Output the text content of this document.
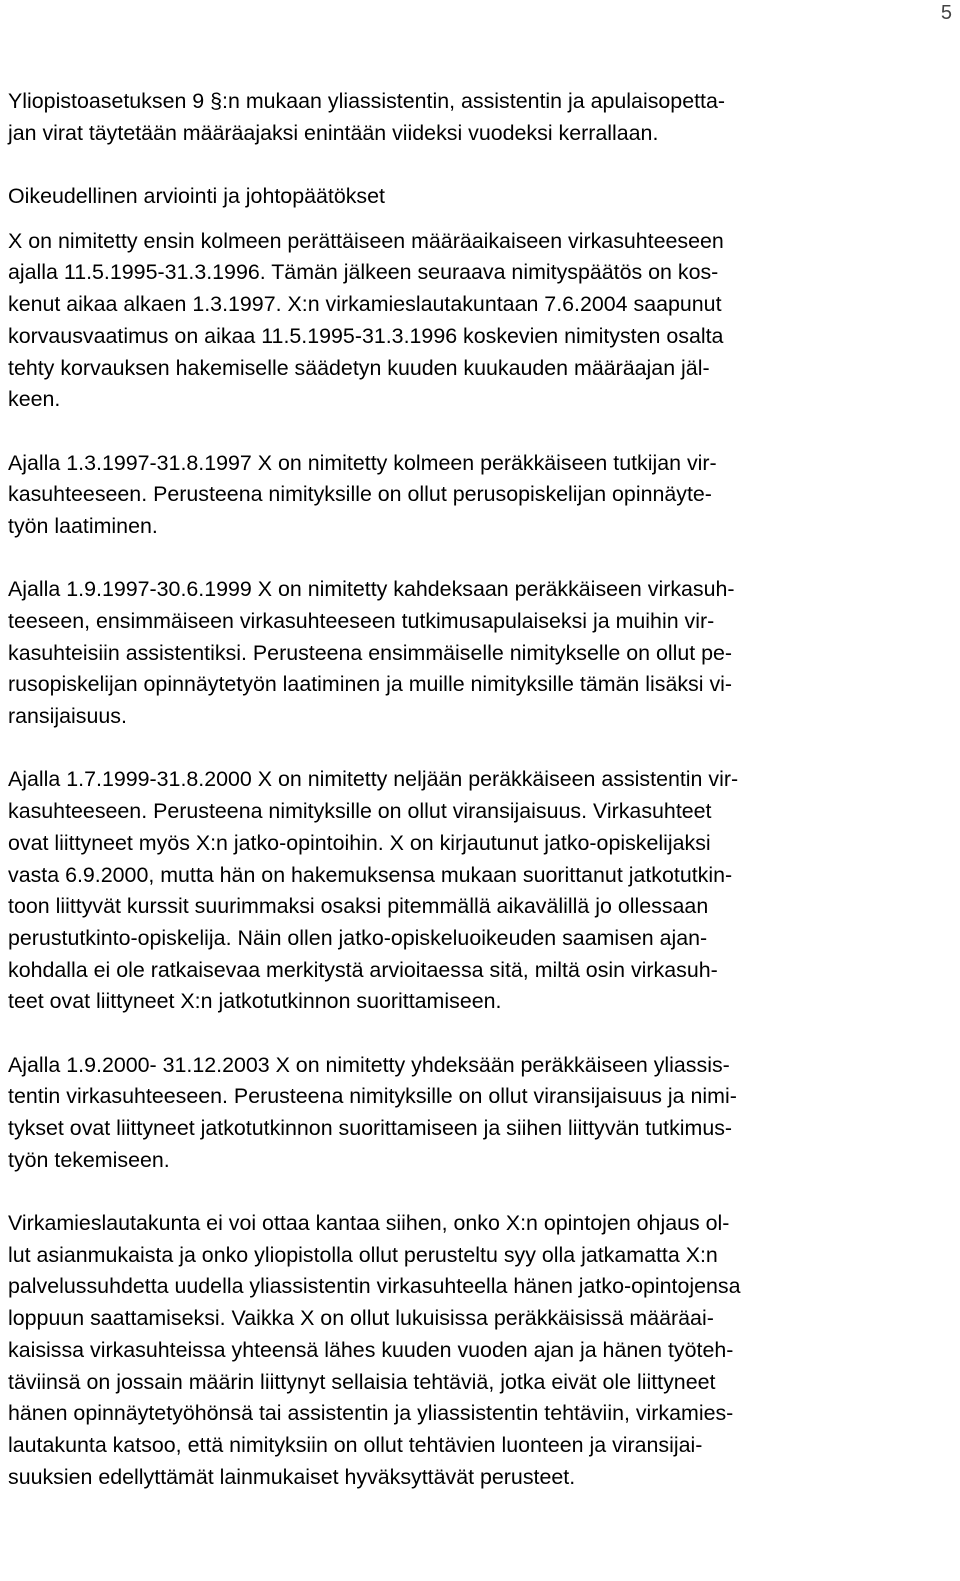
5
Yliopistoasetuksen 9 §:n mukaan yliassistentin, assistentin ja apulaisopetta-
jan virat täytetään määräajaksi enintään viideksi vuodeksi kerrallaan.
Oikeudellinen arviointi ja johtopäätökset
X on nimitetty ensin kolmeen perättäiseen määräaikaiseen virkasuhteeseen
ajalla 11.5.1995-31.3.1996. Tämän jälkeen seuraava nimityspäätös on kos-
kenut aikaa alkaen 1.3.1997. X:n virkamieslautakuntaan 7.6.2004 saapunut
korvausvaatimus on aikaa 11.5.1995-31.3.1996 koskevien nimitysten osalta
tehty korvauksen hakemiselle säädetyn kuuden kuukauden määräajan jäl-
keen.
Ajalla 1.3.1997-31.8.1997 X on nimitetty kolmeen peräkkäiseen tutkijan vir-
kasuhteeseen. Perusteena nimityksille on ollut perusopiskelijan opinnäyte-
työn laatiminen.
Ajalla 1.9.1997-30.6.1999 X on nimitetty kahdeksaan peräkkäiseen virkasuh-
teeseen, ensimmäiseen virkasuhteeseen tutkimusapulaiseksi ja muihin vir-
kasuhteisiin assistentiksi. Perusteena ensimmäiselle nimitykselle on ollut pe-
rusopiskelijan opinnäytetyön laatiminen ja muille nimityksille tämän lisäksi vi-
ransijaisuus.
Ajalla 1.7.1999-31.8.2000 X on nimitetty neljään peräkkäiseen assistentin vir-
kasuhteeseen. Perusteena nimityksille on ollut viransijaisuus. Virkasuhteet
ovat liittyneet myös X:n jatko-opintoihin. X on kirjautunut jatko-opiskelijaksi
vasta 6.9.2000, mutta hän on hakemuksensa mukaan suorittanut jatkotutkin-
toon liittyvät kurssit suurimmaksi osaksi pitemmällä aikavälillä jo ollessaan
perustutkinto-opiskelija. Näin ollen jatko-opiskeluoikeuden saamisen ajan-
kohdalla ei ole ratkaisevaa merkitystä arvioitaessa sitä, miltä osin virkasuh-
teet ovat liittyneet X:n jatkotutkinnon suorittamiseen.
Ajalla 1.9.2000- 31.12.2003 X on nimitetty yhdeksään peräkkäiseen yliassis-
tentin virkasuhteeseen. Perusteena nimityksille on ollut viransijaisuus ja nimi-
tykset ovat liittyneet jatkotutkinnon suorittamiseen ja siihen liittyvän tutkimus-
työn tekemiseen.
Virkamieslautakunta ei voi ottaa kantaa siihen, onko X:n opintojen ohjaus ol-
lut asianmukaista ja onko yliopistolla ollut perusteltu syy olla jatkamatta X:n
palvelussuhdetta uudella yliassistentin virkasuhteella hänen jatko-opintojensa
loppuun saattamiseksi. Vaikka X on ollut lukuisissa peräkkäisissä määräai-
kaisissa virkasuhteissa yhteensä lähes kuuden vuoden ajan ja hänen työteh-
täviinsä on jossain määrin liittynyt sellaisia tehtäviä, jotka eivät ole liittyneet
hänen opinnäytetyöhönsä tai assistentin ja yliassistentin tehtäviin, virkamies-
lautakunta katsoo, että nimityksiin on ollut tehtävien luonteen ja viransijai-
suuksien edellyttämät lainmukaiset hyväksyttävät perusteet.
